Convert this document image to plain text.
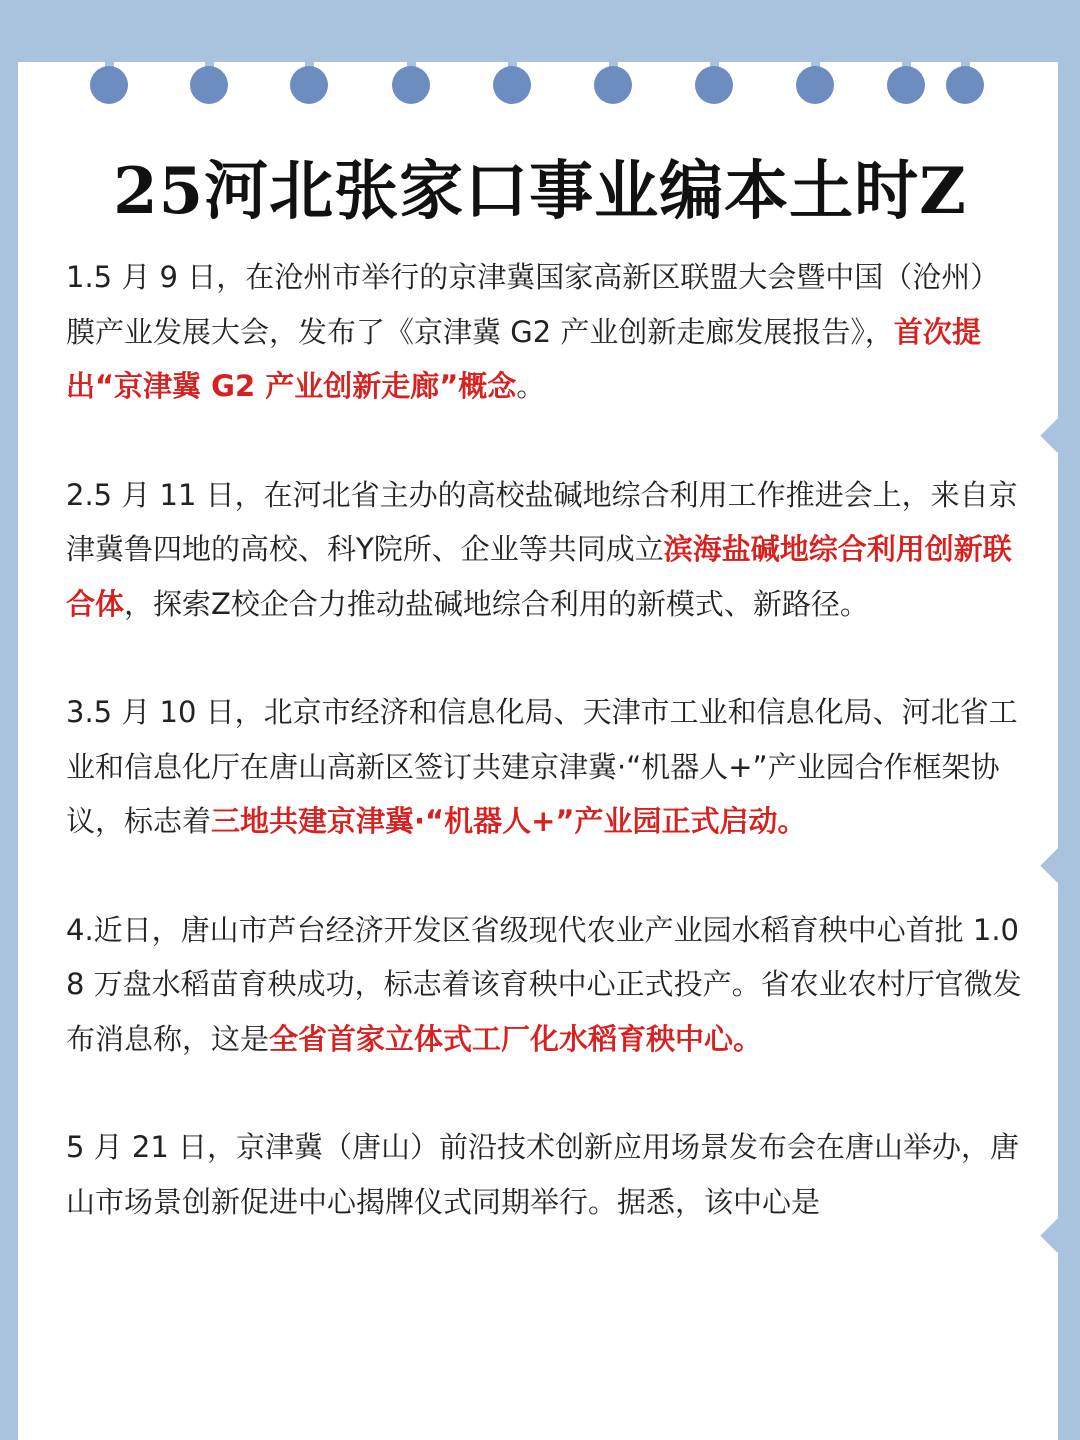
25河北张家口事业编本土时Z

1.5 月 9 日，在沧州市举行的京津冀国家高新区联盟大会暨中国（沧州）膜产业发展大会，发布了《京津冀 G2 产业创新走廊发展报告》，首次提出“京津冀 G2 产业创新走廊”概念。

2.5 月 11 日，在河北省主办的高校盐碱地综合利用工作推进会上，来自京津冀鲁四地的高校、科Y院所、企业等共同成立滨海盐碱地综合利用创新联合体，探索Z校企合力推动盐碱地综合利用的新模式、新路径。

3.5 月 10 日，北京市经济和信息化局、天津市工业和信息化局、河北省工业和信息化厅在唐山高新区签订共建京津冀·“机器人+”产业园合作框架协议，标志着三地共建京津冀·“机器人+”产业园正式启动。

4.近日，唐山市芦台经济开发区省级现代农业产业园水稻育秧中心首批 1.08 万盘水稻苗育秧成功，标志着该育秧中心正式投产。省农业农村厅官微发布消息称，这是全省首家立体式工厂化水稻育秧中心。

5 月 21 日，京津冀（唐山）前沿技术创新应用场景发布会在唐山举办，唐山市场景创新促进中心揭牌仪式同期举行。据悉，该中心是
